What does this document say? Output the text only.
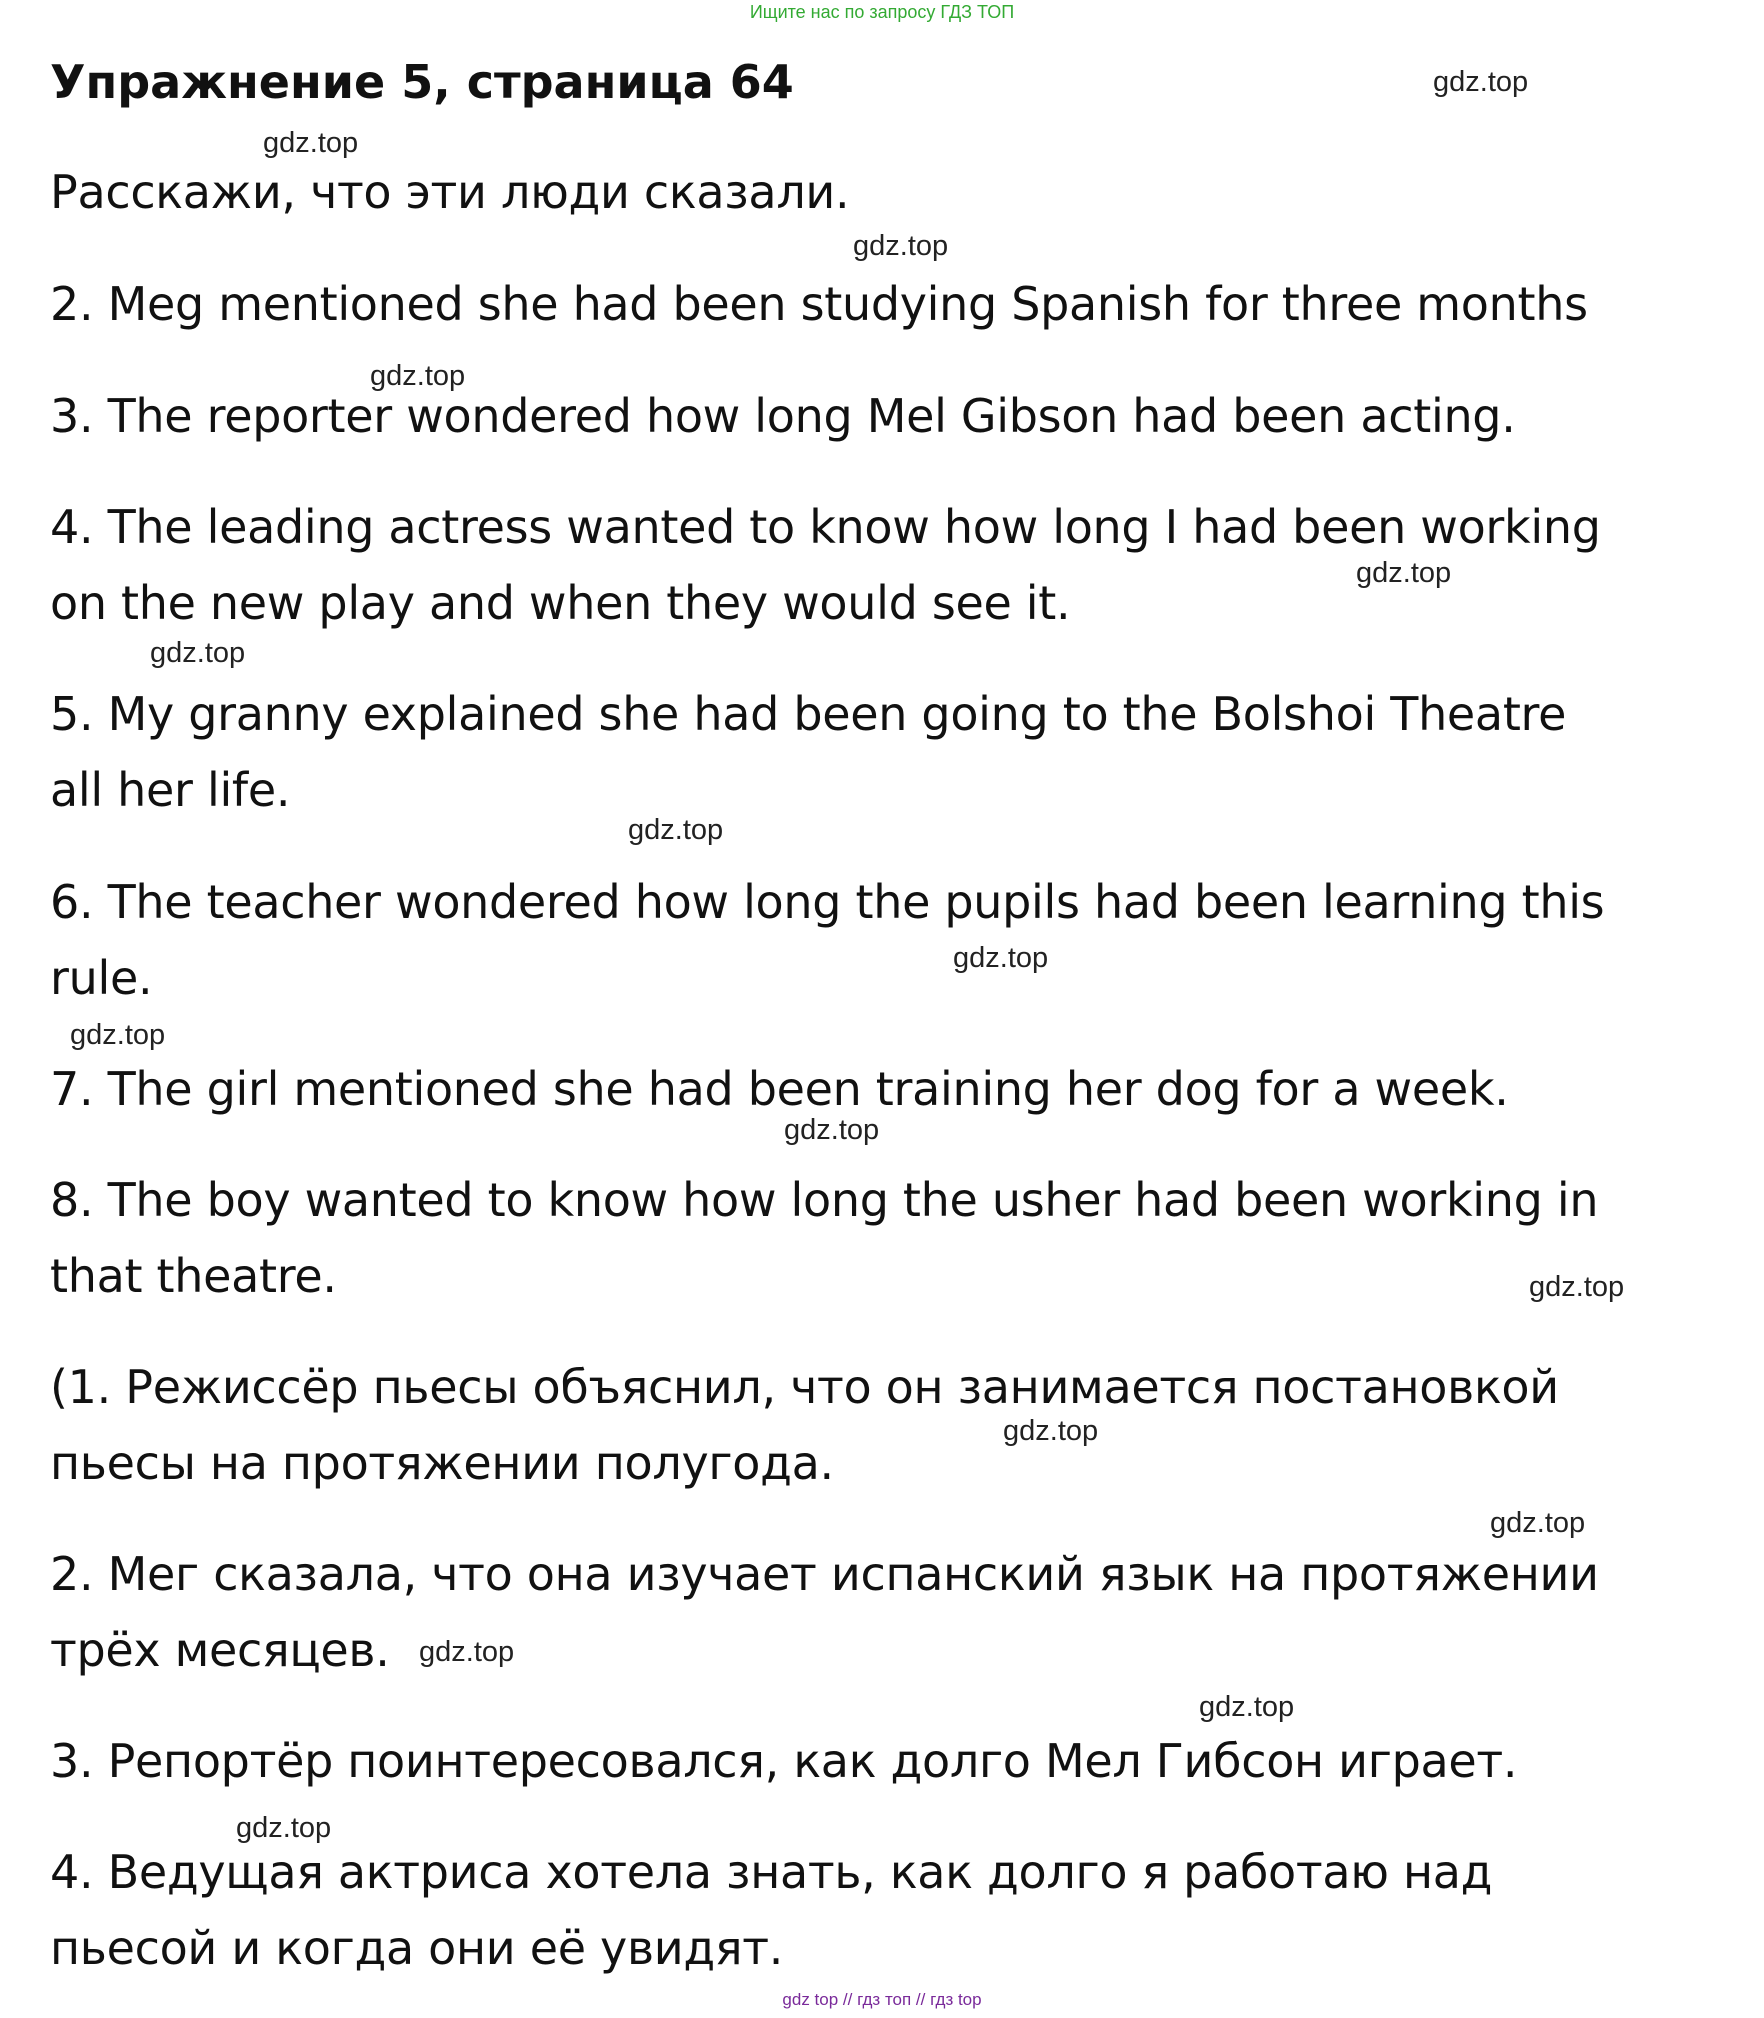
Ищите нас по запросу ГДЗ ТОП
Упражнение 5, страница 64

Расскажи, что эти люди сказали.

2. Meg mentioned she had been studying Spanish for three months

3. The reporter wondered how long Mel Gibson had been acting.

4. The leading actress wanted to know how long I had been working

on the new play and when they would see it.

5. My granny explained she had been going to the Bolshoi Theatre

all her life.

6. The teacher wondered how long the pupils had been learning this

rule.

7. The girl mentioned she had been training her dog for a week.

8. The boy wanted to know how long the usher had been working in

that theatre.

(1. Режиссёр пьесы объяснил, что он занимается постановкой

пьесы на протяжении полугода.

2. Мег сказала, что она изучает испанский язык на протяжении

трёх месяцев.

3. Репортёр поинтересовался, как долго Мел Гибсон играет.

4. Ведущая актриса хотела знать, как долго я работаю над

пьесой и когда они её увидят.

gdz.top
gdz.top
gdz.top
gdz.top
gdz.top
gdz.top
gdz.top
gdz.top
gdz.top
gdz.top
gdz.top
gdz.top
gdz.top
gdz.top
gdz.top
gdz.top
gdz top // гдз топ // гдз top
